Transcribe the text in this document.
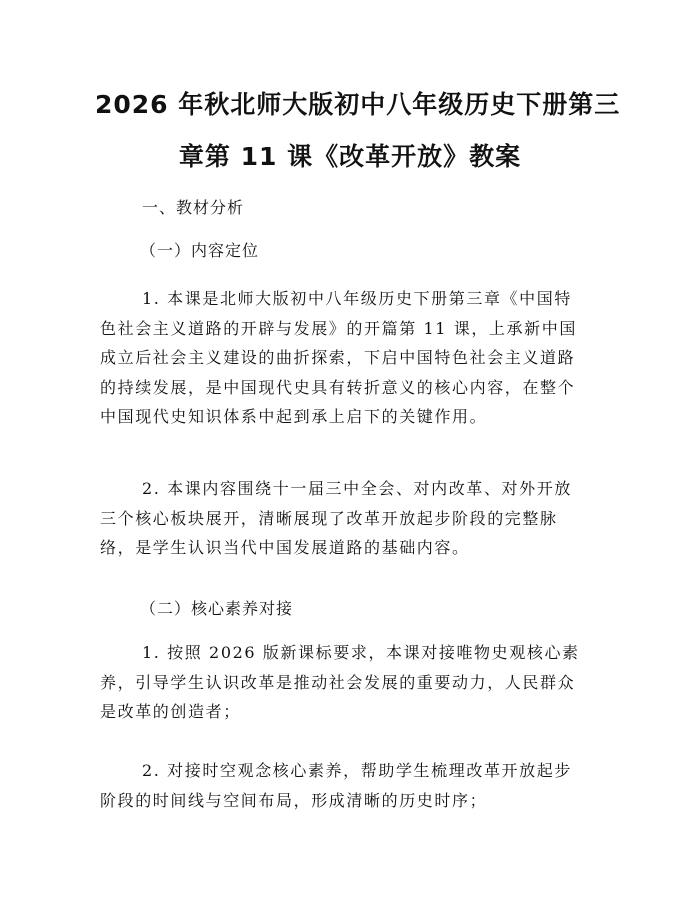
2026 年秋北师大版初中八年级历史下册第三
章第 11 课《改革开放》教案
一、教材分析
（一）内容定位
1. 本课是北师大版初中八年级历史下册第三章《中国特
色社会主义道路的开辟与发展》的开篇第 11 课，上承新中国
成立后社会主义建设的曲折探索，下启中国特色社会主义道路
的持续发展，是中国现代史具有转折意义的核心内容，在整个
中国现代史知识体系中起到承上启下的关键作用。
2. 本课内容围绕十一届三中全会、对内改革、对外开放
三个核心板块展开，清晰展现了改革开放起步阶段的完整脉
络，是学生认识当代中国发展道路的基础内容。
（二）核心素养对接
1. 按照 2026 版新课标要求，本课对接唯物史观核心素
养，引导学生认识改革是推动社会发展的重要动力，人民群众
是改革的创造者；
2. 对接时空观念核心素养，帮助学生梳理改革开放起步
阶段的时间线与空间布局，形成清晰的历史时序；
